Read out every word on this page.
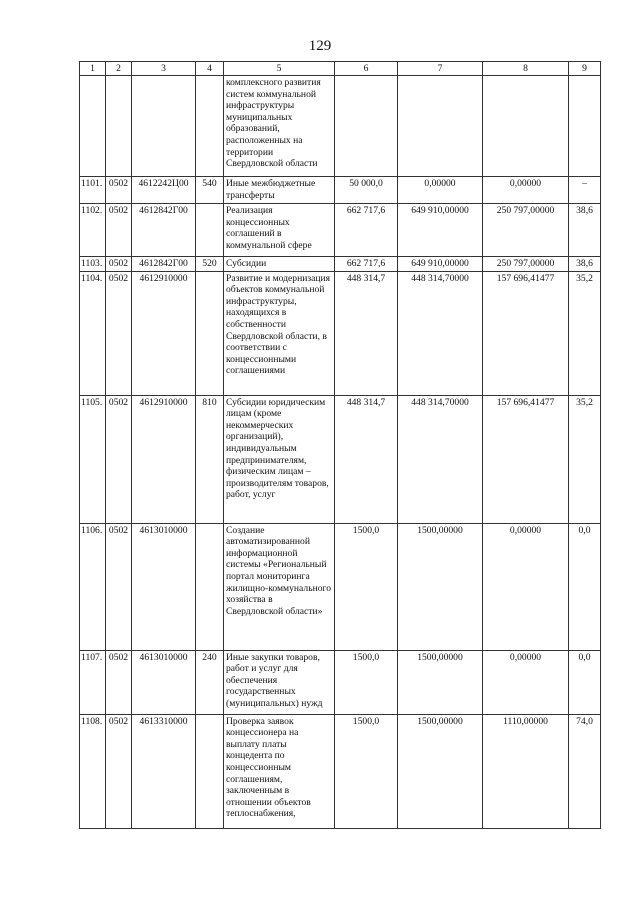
129
1	2	3	4	5	6	7	8	9
				комплексного развития систем коммунальной инфраструктуры муниципальных образований, расположенных на территории Свердловской области				
1101.	0502	4612242Ц00	540	Иные межбюджетные трансферты	50 000,0	0,00000	0,00000	–
1102.	0502	4612842Г00		Реализация концессионных соглашений в коммунальной сфере	662 717,6	649 910,00000	250 797,00000	38,6
1103.	0502	4612842Г00	520	Субсидии	662 717,6	649 910,00000	250 797,00000	38,6
1104.	0502	4612910000		Развитие и модернизация объектов коммунальной инфраструктуры, находящихся в собственности Свердловской области, в соответствии с концессионными соглашениями	448 314,7	448 314,70000	157 696,41477	35,2
1105.	0502	4612910000	810	Субсидии юридическим лицам (кроме некоммерческих организаций), индивидуальным предпринимателям, физическим лицам – производителям товаров, работ, услуг	448 314,7	448 314,70000	157 696,41477	35,2
1106.	0502	4613010000		Создание автоматизированной информационной системы «Региональный портал мониторинга жилищно-коммунального хозяйства в Свердловской области»	1500,0	1500,00000	0,00000	0,0
1107.	0502	4613010000	240	Иные закупки товаров, работ и услуг для обеспечения государственных (муниципальных) нужд	1500,0	1500,00000	0,00000	0,0
1108.	0502	4613310000		Проверка заявок концессионера на выплату платы концедента по концессионным соглашениям, заключенным в отношении объектов теплоснабжения,	1500,0	1500,00000	1110,00000	74,0
